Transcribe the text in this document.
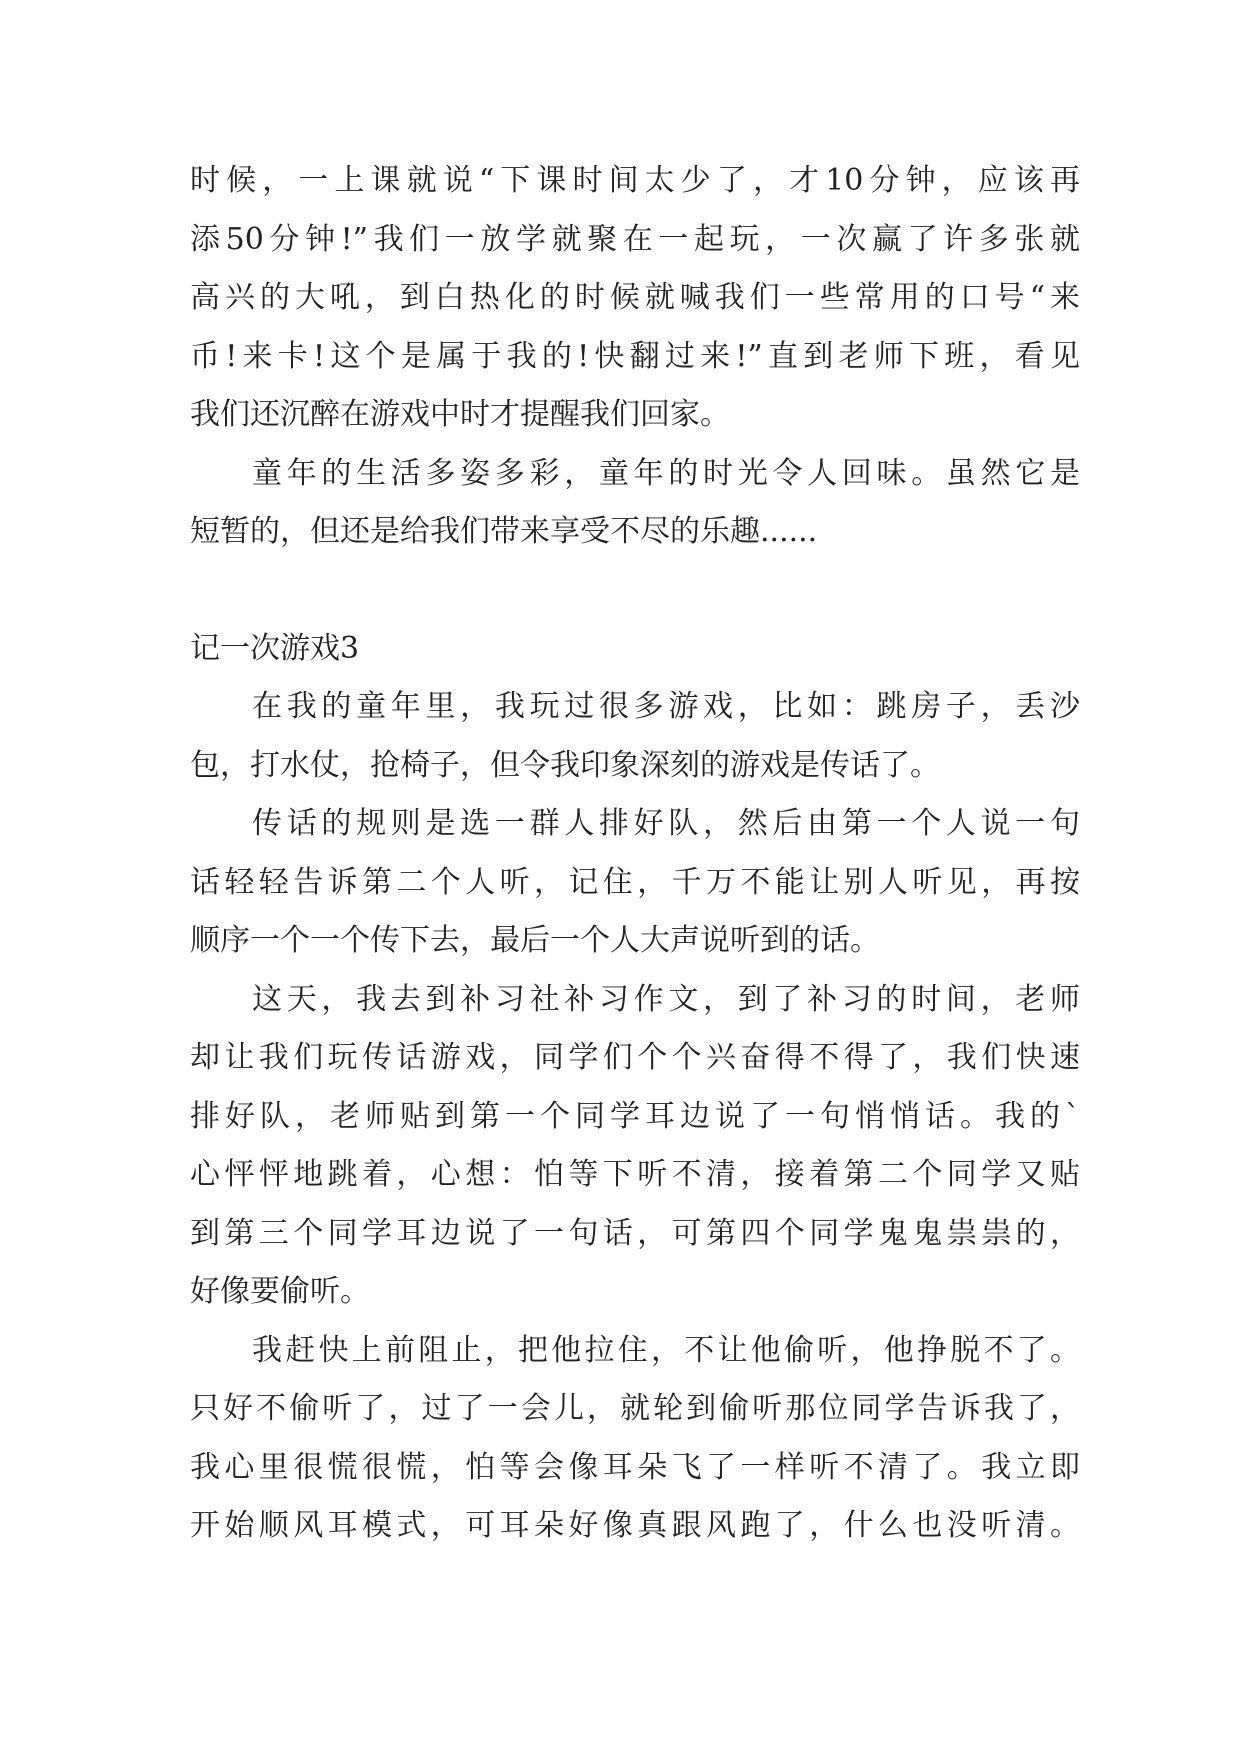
时候，一上课就说“下课时间太少了，才10分钟，应该再
添50分钟!”我们一放学就聚在一起玩，一次赢了许多张就
高兴的大吼，到白热化的时候就喊我们一些常用的口号“来
币!来卡!这个是属于我的!快翻过来!”直到老师下班，看见
我们还沉醉在游戏中时才提醒我们回家。
童年的生活多姿多彩，童年的时光令人回味。虽然它是
短暂的，但还是给我们带来享受不尽的乐趣......
记一次游戏3
在我的童年里，我玩过很多游戏，比如：跳房子，丢沙
包，打水仗，抢椅子，但令我印象深刻的游戏是传话了。
传话的规则是选一群人排好队，然后由第一个人说一句
话轻轻告诉第二个人听，记住，千万不能让别人听见，再按
顺序一个一个传下去，最后一个人大声说听到的话。
这天，我去到补习社补习作文，到了补习的时间，老师
却让我们玩传话游戏，同学们个个兴奋得不得了，我们快速
排好队，老师贴到第一个同学耳边说了一句悄悄话。我的`
心怦怦地跳着，心想：怕等下听不清，接着第二个同学又贴
到第三个同学耳边说了一句话，可第四个同学鬼鬼祟祟的，
好像要偷听。
我赶快上前阻止，把他拉住，不让他偷听，他挣脱不了。
只好不偷听了，过了一会儿，就轮到偷听那位同学告诉我了，
我心里很慌很慌，怕等会像耳朵飞了一样听不清了。我立即
开始顺风耳模式，可耳朵好像真跟风跑了，什么也没听清。
